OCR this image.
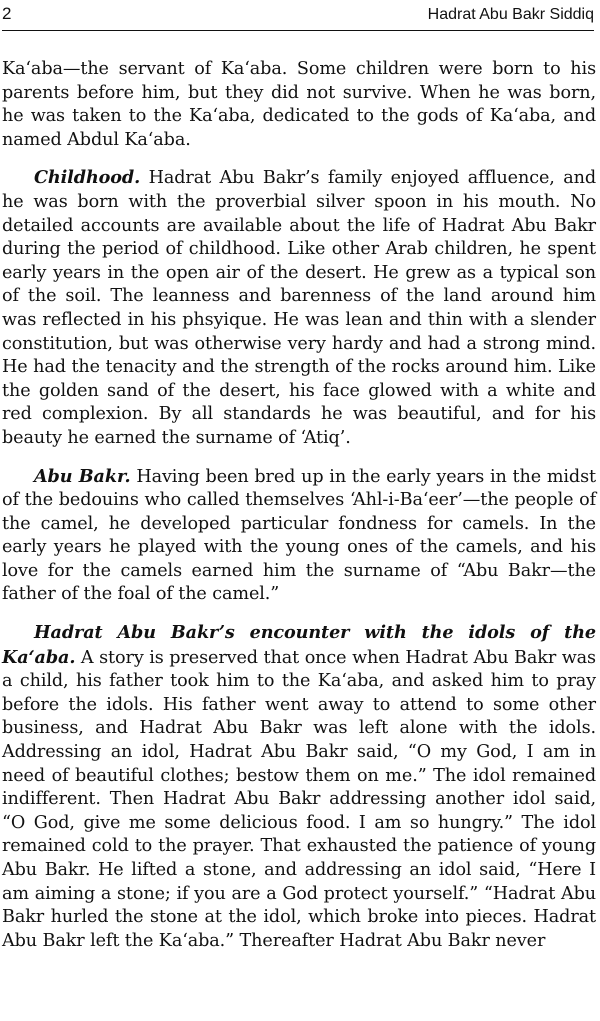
2	Hadrat Abu Bakr Siddiq

Ka‘aba—the servant of Ka‘aba. Some children were born to his parents before him, but they did not survive. When he was born, he was taken to the Ka‘aba, dedicated to the gods of Ka‘aba, and named Abdul Ka‘aba.

Childhood. Hadrat Abu Bakr’s family enjoyed affluence, and he was born with the proverbial silver spoon in his mouth. No detailed accounts are available about the life of Hadrat Abu Bakr during the period of childhood. Like other Arab children, he spent early years in the open air of the desert. He grew as a typical son of the soil. The leanness and barenness of the land around him was reflected in his phsyique. He was lean and thin with a slender constitution, but was otherwise very hardy and had a strong mind. He had the tenacity and the strength of the rocks around him. Like the golden sand of the desert, his face glowed with a white and red complexion. By all standards he was beautiful, and for his beauty he earned the surname of ‘Atiq’.

Abu Bakr. Having been bred up in the early years in the midst of the bedouins who called themselves ‘Ahl-i-Ba‘eer’—the people of the camel, he developed particular fondness for camels. In the early years he played with the young ones of the camels, and his love for the camels earned him the surname of “Abu Bakr—the father of the foal of the camel.”

Hadrat Abu Bakr’s encounter with the idols of the Ka‘aba. A story is preserved that once when Hadrat Abu Bakr was a child, his father took him to the Ka‘aba, and asked him to pray before the idols. His father went away to attend to some other business, and Hadrat Abu Bakr was left alone with the idols. Addressing an idol, Hadrat Abu Bakr said, “O my God, I am in need of beautiful clothes; bestow them on me.” The idol remained indifferent. Then Hadrat Abu Bakr addressing another idol said, “O God, give me some delicious food. I am so hungry.” The idol remained cold to the prayer. That exhausted the patience of young Abu Bakr. He lifted a stone, and addressing an idol said, “Here I am aiming a stone; if you are a God protect yourself.” “Hadrat Abu Bakr hurled the stone at the idol, which broke into pieces. Hadrat Abu Bakr left the Ka‘aba.” Thereafter Hadrat Abu Bakr never
